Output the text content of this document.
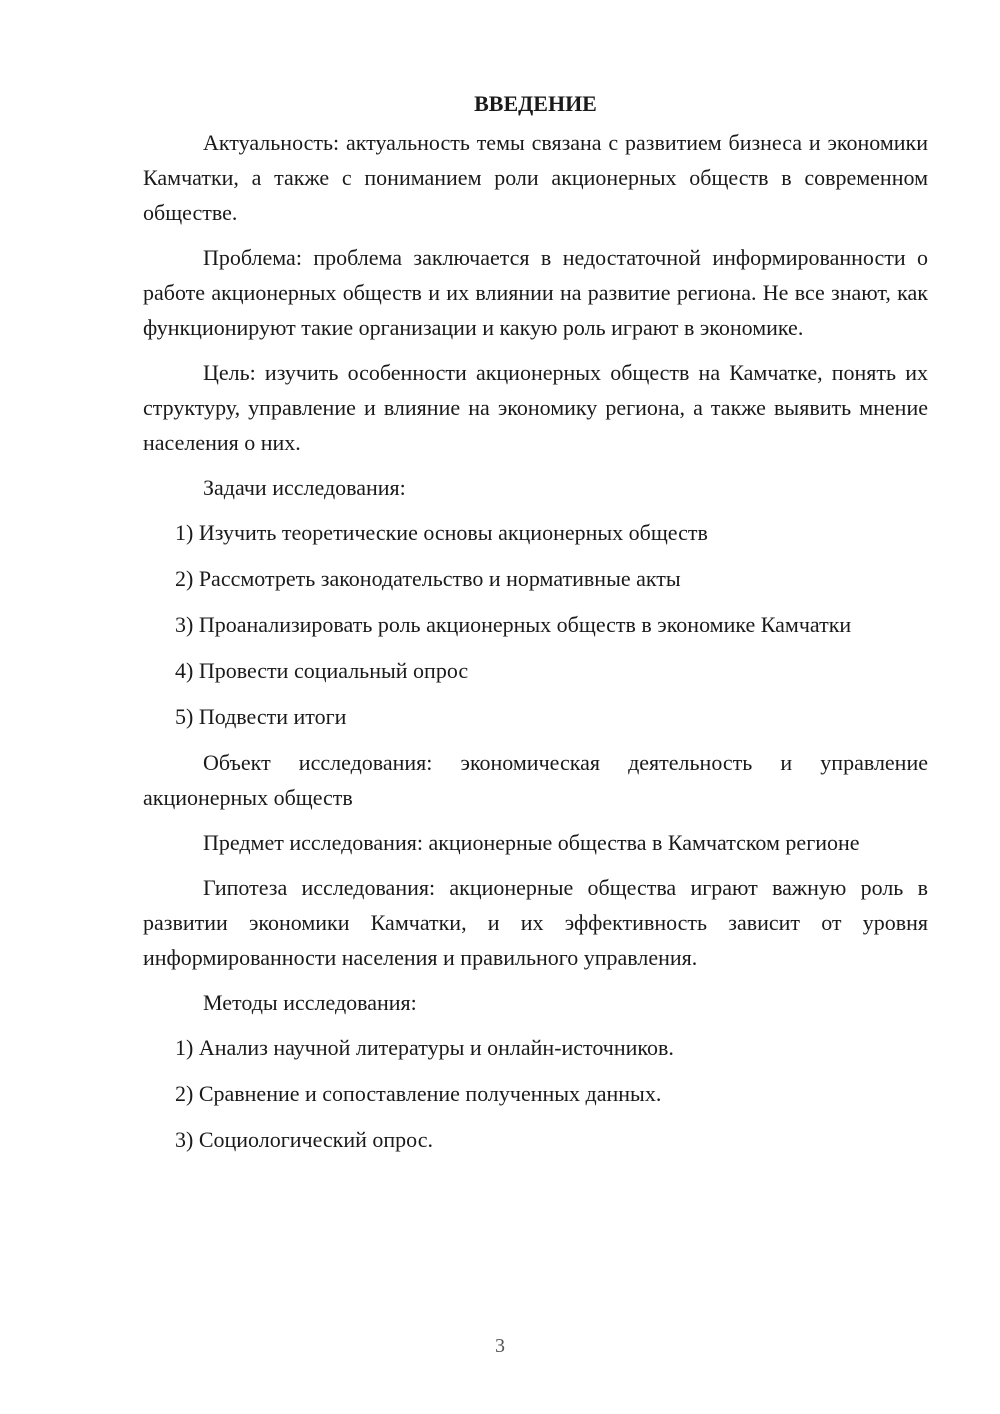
ВВЕДЕНИЕ

Актуальность: актуальность темы связана с развитием бизнеса и экономики Камчатки, а также с пониманием роли акционерных обществ в современном обществе.

Проблема: проблема заключается в недостаточной информированности о работе акционерных обществ и их влиянии на развитие региона. Не все знают, как функционируют такие организации и какую роль играют в экономике.

Цель: изучить особенности акционерных обществ на Камчатке, понять их структуру, управление и влияние на экономику региона, а также выявить мнение населения о них.

Задачи исследования:

1) Изучить теоретические основы акционерных обществ

2) Рассмотреть законодательство и нормативные акты

3) Проанализировать роль акционерных обществ в экономике Камчатки

4) Провести социальный опрос

5) Подвести итоги

Объект исследования: экономическая деятельность и управление акционерных обществ

Предмет исследования: акционерные общества в Камчатском регионе

Гипотеза исследования: акционерные общества играют важную роль в развитии экономики Камчатки, и их эффективность зависит от уровня информированности населения и правильного управления.

Методы исследования:

1) Анализ научной литературы и онлайн-источников.

2) Сравнение и сопоставление полученных данных.

3) Социологический опрос.

3
